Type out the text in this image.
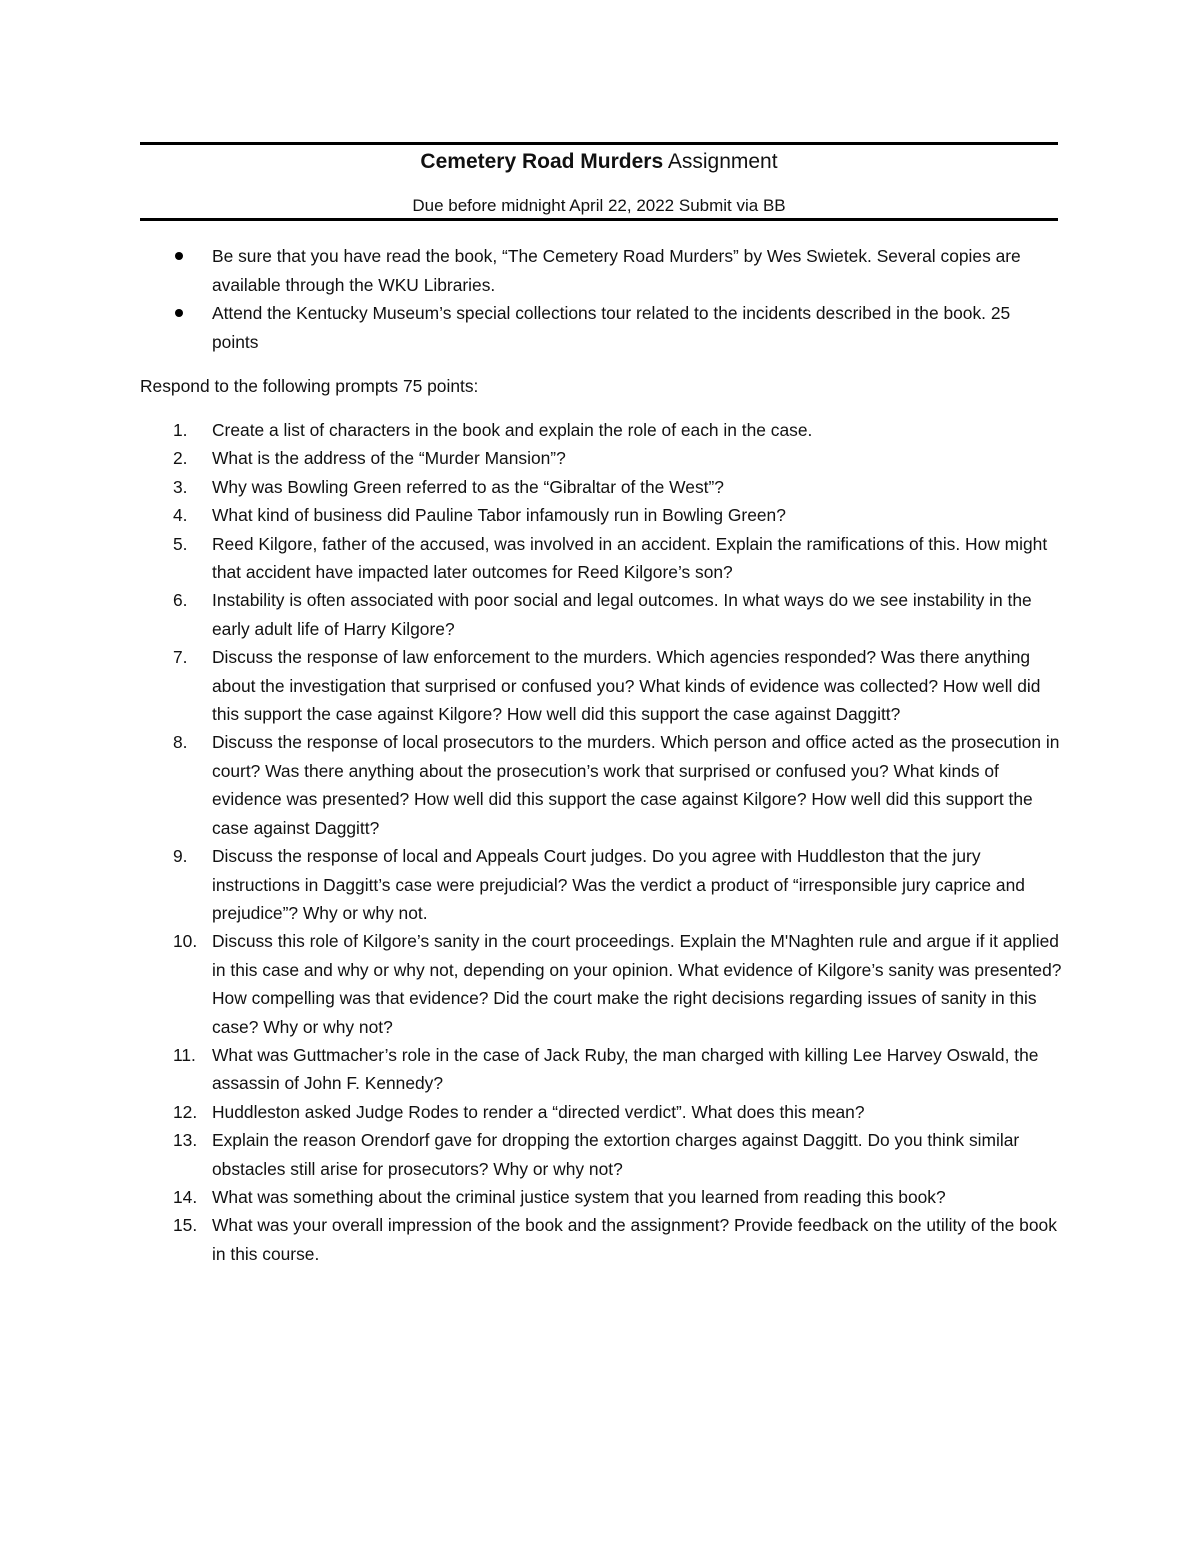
Cemetery Road Murders Assignment
Due before midnight April 22, 2022 Submit via BB
Be sure that you have read the book, “The Cemetery Road Murders” by Wes Swietek. Several copies are available through the WKU Libraries.
Attend the Kentucky Museum’s special collections tour related to the incidents described in the book. 25 points
Respond to the following prompts 75 points:
1. Create a list of characters in the book and explain the role of each in the case.
2. What is the address of the “Murder Mansion”?
3. Why was Bowling Green referred to as the “Gibraltar of the West”?
4. What kind of business did Pauline Tabor infamously run in Bowling Green?
5. Reed Kilgore, father of the accused, was involved in an accident. Explain the ramifications of this. How might that accident have impacted later outcomes for Reed Kilgore’s son?
6. Instability is often associated with poor social and legal outcomes. In what ways do we see instability in the early adult life of Harry Kilgore?
7. Discuss the response of law enforcement to the murders. Which agencies responded? Was there anything about the investigation that surprised or confused you? What kinds of evidence was collected? How well did this support the case against Kilgore? How well did this support the case against Daggitt?
8. Discuss the response of local prosecutors to the murders. Which person and office acted as the prosecution in court? Was there anything about the prosecution’s work that surprised or confused you? What kinds of evidence was presented? How well did this support the case against Kilgore? How well did this support the case against Daggitt?
9. Discuss the response of local and Appeals Court judges. Do you agree with Huddleston that the jury instructions in Daggitt’s case were prejudicial? Was the verdict a product of “irresponsible jury caprice and prejudice”? Why or why not.
10. Discuss this role of Kilgore’s sanity in the court proceedings. Explain the M'Naghten rule and argue if it applied in this case and why or why not, depending on your opinion. What evidence of Kilgore’s sanity was presented? How compelling was that evidence? Did the court make the right decisions regarding issues of sanity in this case? Why or why not?
11. What was Guttmacher’s role in the case of Jack Ruby, the man charged with killing Lee Harvey Oswald, the assassin of John F. Kennedy?
12. Huddleston asked Judge Rodes to render a “directed verdict”. What does this mean?
13. Explain the reason Orendorf gave for dropping the extortion charges against Daggitt. Do you think similar obstacles still arise for prosecutors? Why or why not?
14. What was something about the criminal justice system that you learned from reading this book?
15. What was your overall impression of the book and the assignment? Provide feedback on the utility of the book in this course.
